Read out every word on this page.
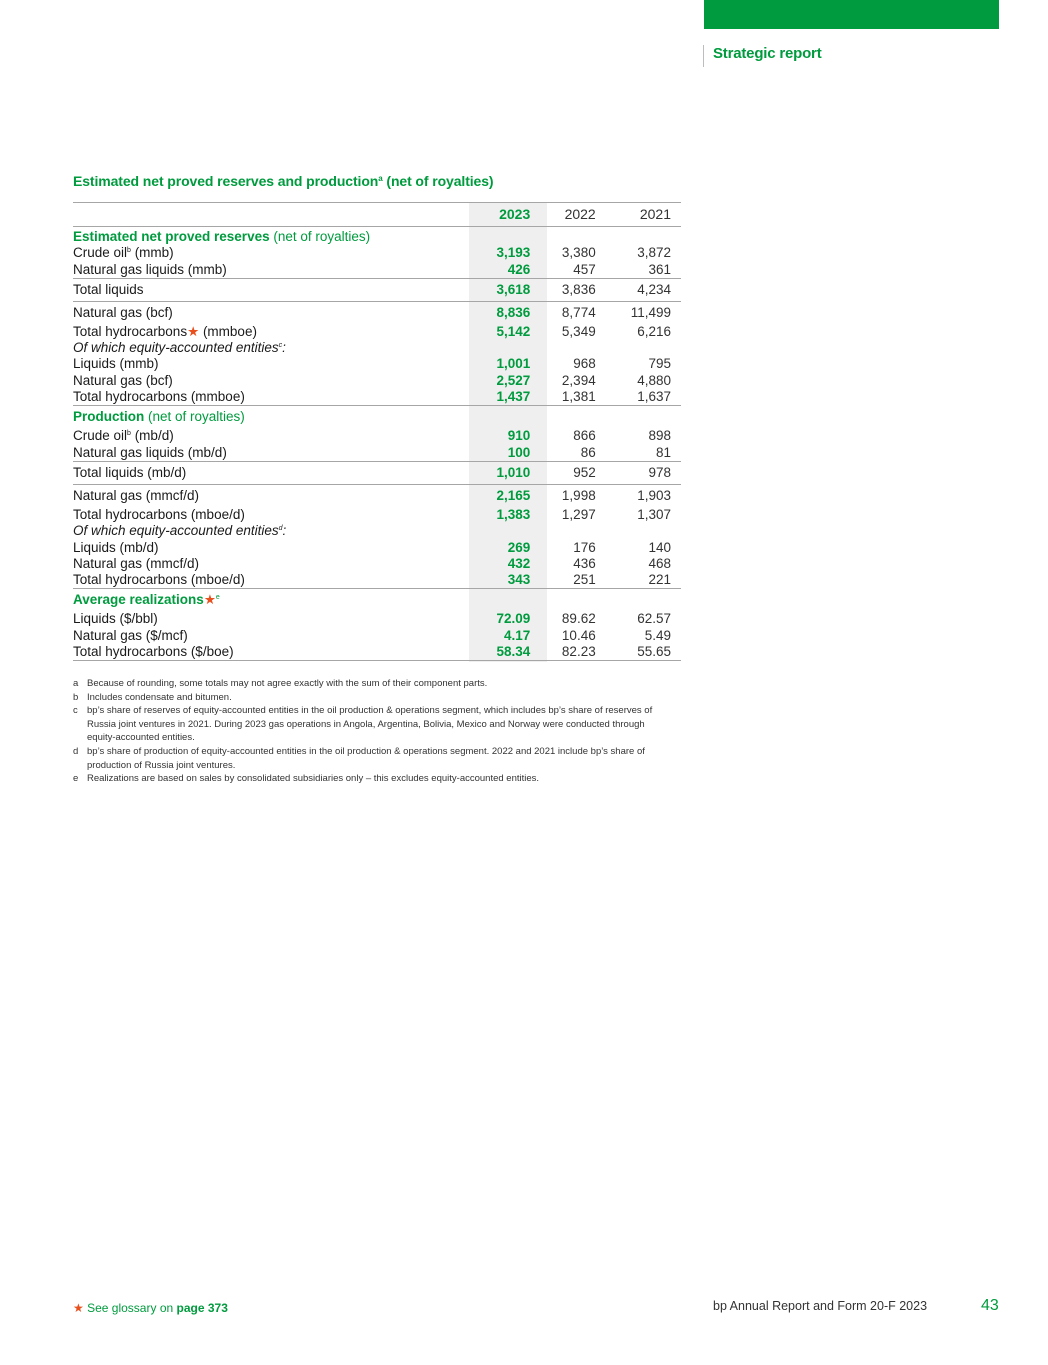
Strategic report
Estimated net proved reserves and production$^a$ (net of royalties)
	2023	2022	2021

Estimated net proved reserves (net of royalties)			
Crude oil$^b$ (mmb)	3,193	3,380	3,872
Natural gas liquids (mmb)	426	457	361
Total liquids	3,618	3,836	4,234
Natural gas (bcf)	8,836	8,774	11,499
Total hydrocarbons★ (mmboe)	5,142	5,349	6,216
Of which equity-accounted entities$^c$:			
Liquids (mmb)	1,001	968	795
Natural gas (bcf)	2,527	2,394	4,880
Total hydrocarbons (mmboe)	1,437	1,381	1,637
Production (net of royalties)			
Crude oil$^b$ (mb/d)	910	866	898
Natural gas liquids (mb/d)	100	86	81
Total liquids (mb/d)	1,010	952	978
Natural gas (mmcf/d)	2,165	1,998	1,903
Total hydrocarbons (mboe/d)	1,383	1,297	1,307
Of which equity-accounted entities$^d$:			
Liquids (mb/d)	269	176	140
Natural gas (mmcf/d)	432	436	468
Total hydrocarbons (mboe/d)	343	251	221
Average realizations★$^e$
Liquids ($/bbl)	72.09	89.62	62.57
Natural gas ($/mcf)	4.17	10.46	5.49
Total hydrocarbons ($/boe)	58.34	82.23	55.65
a Because of rounding, some totals may not agree exactly with the sum of their component parts.
b Includes condensate and bitumen.
c bp’s share of reserves of equity-accounted entities in the oil production & operations segment, which includes bp’s share of reserves of Russia joint ventures in 2021. During 2023 gas operations in Angola, Argentina, Bolivia, Mexico and Norway were conducted through equity-accounted entities.
d bp’s share of production of equity-accounted entities in the oil production & operations segment. 2022 and 2021 include bp’s share of production of Russia joint ventures.
e Realizations are based on sales by consolidated subsidiaries only – this excludes equity-accounted entities.
★ See glossary on page 373	bp Annual Report and Form 20-F 2023	43
